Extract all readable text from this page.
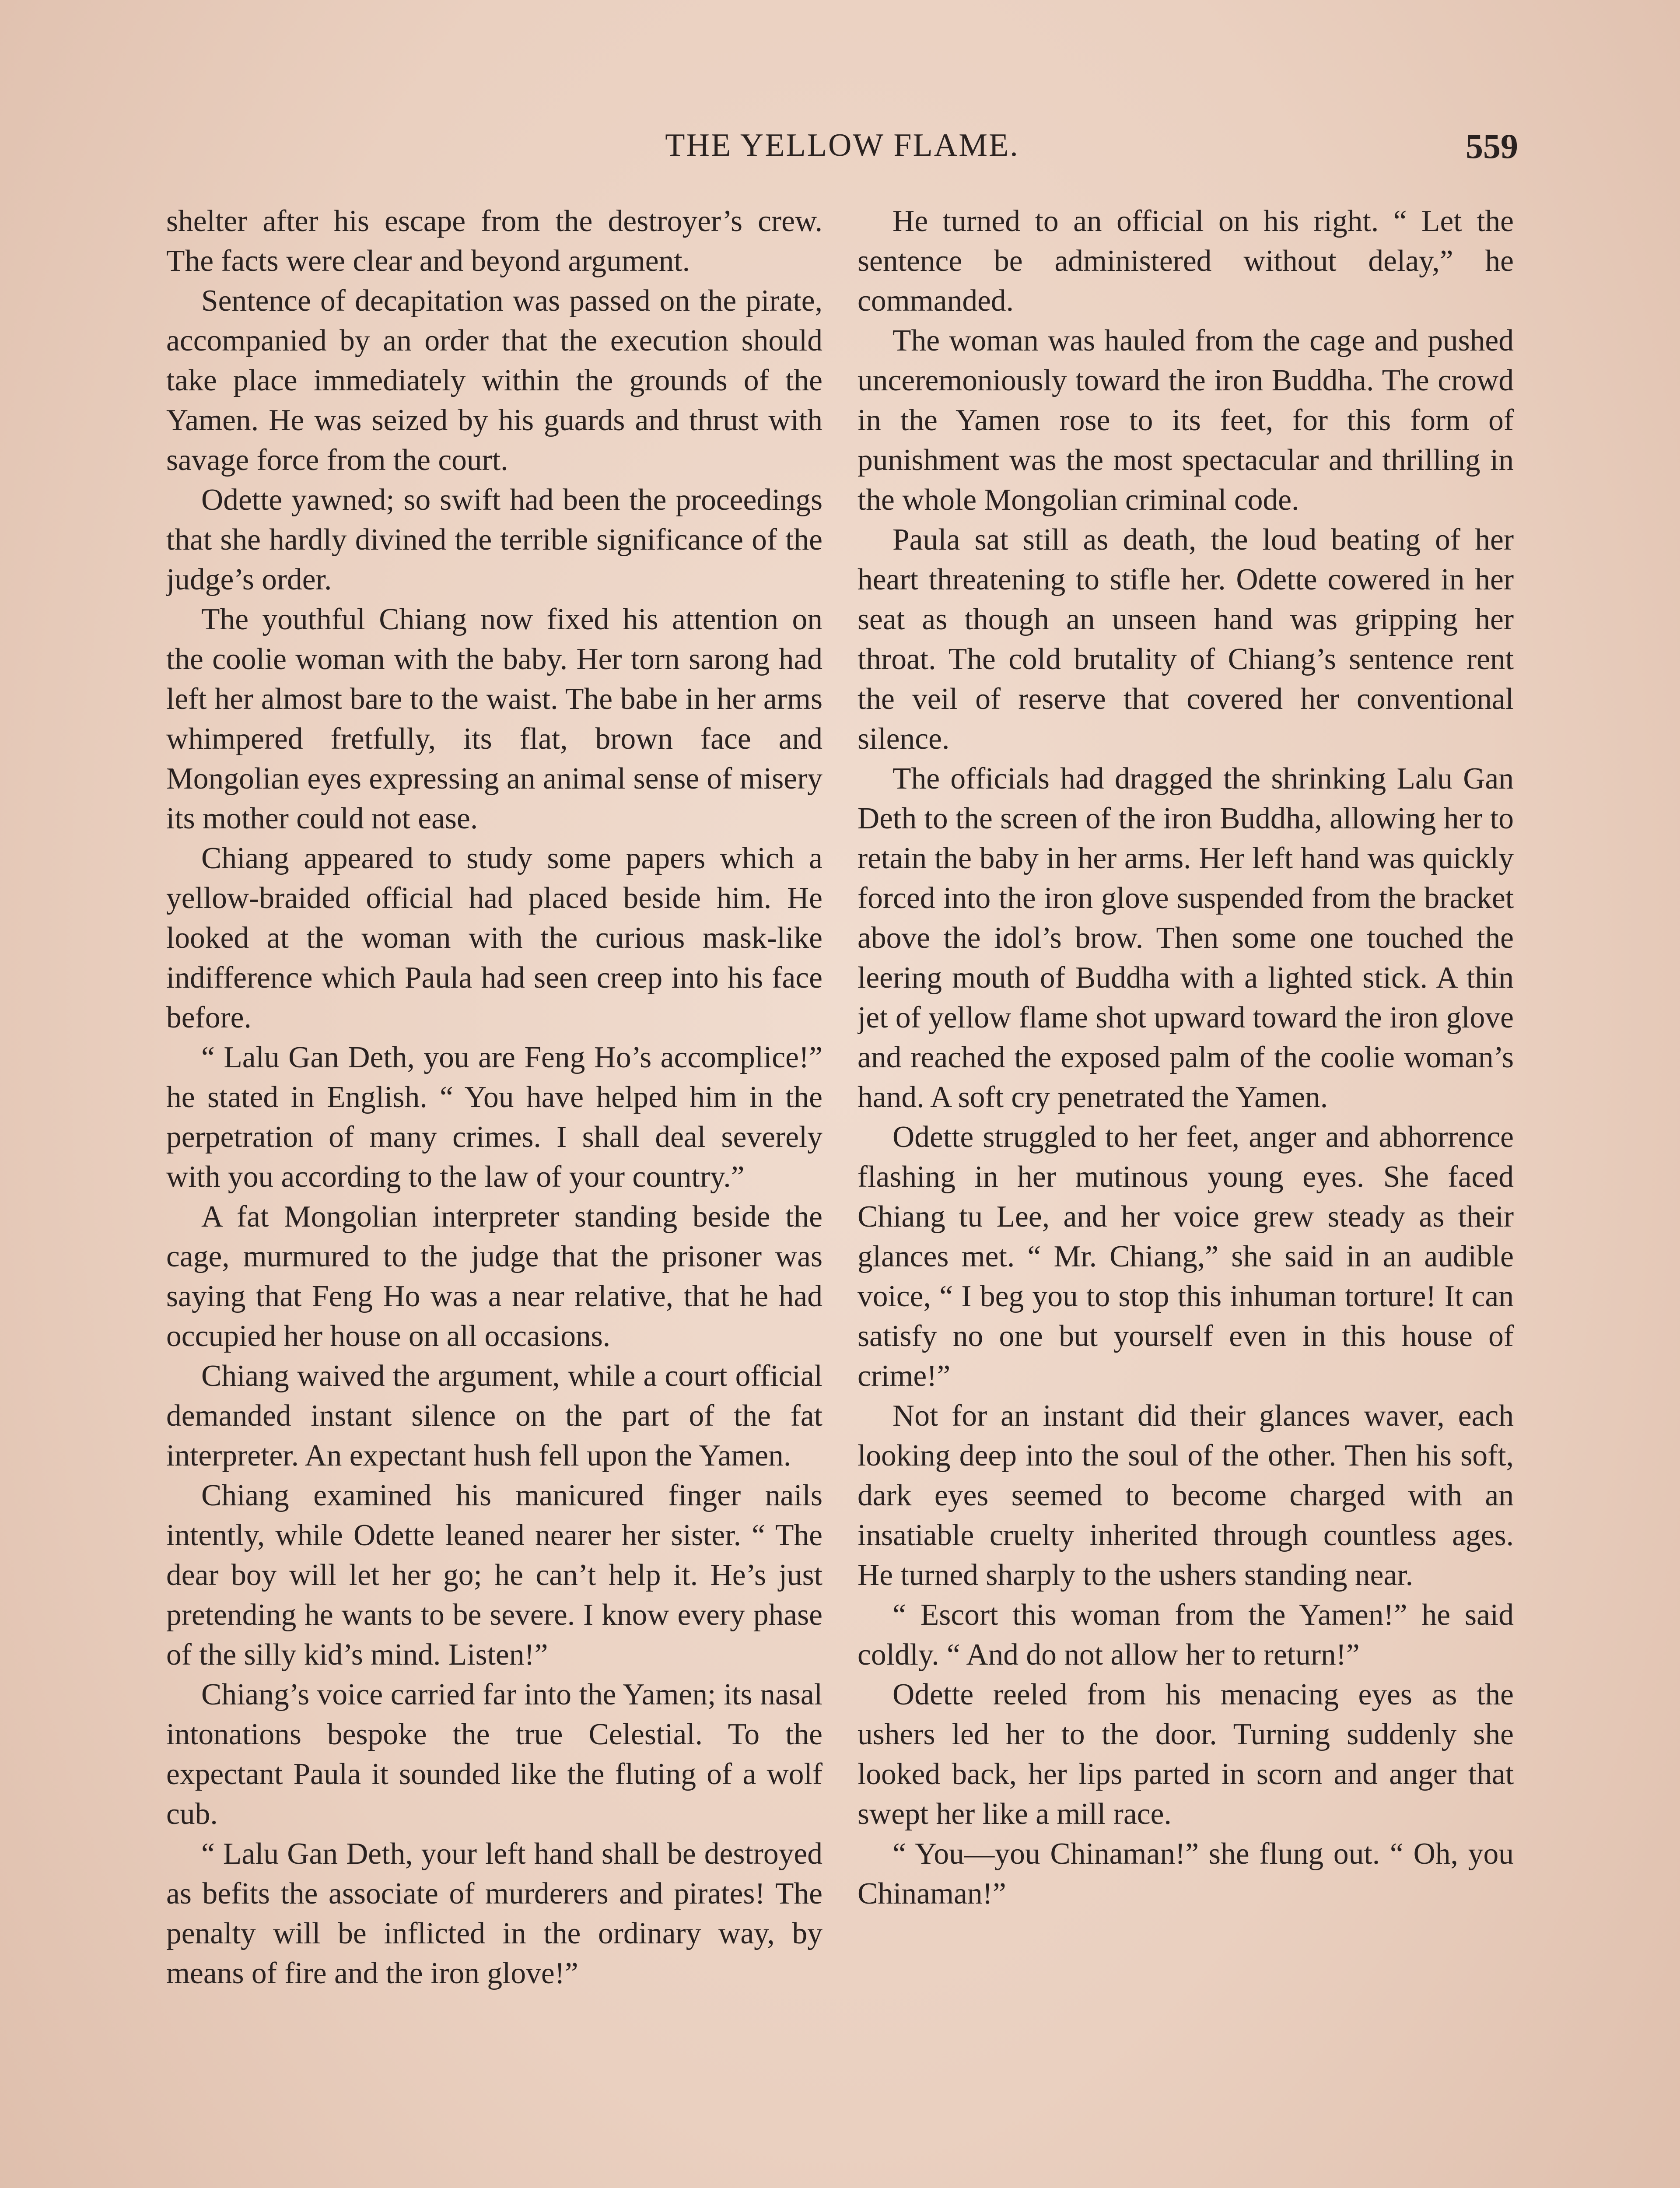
THE YELLOW FLAME.	559

shelter after his escape from the destroyer’s crew. The facts were clear and beyond argument.

Sentence of decapitation was passed on the pirate, accompanied by an order that the execution should take place immediately within the grounds of the Yamen. He was seized by his guards and thrust with savage force from the court.

Odette yawned; so swift had been the proceedings that she hardly divined the terrible significance of the judge’s order.

The youthful Chiang now fixed his attention on the coolie woman with the baby. Her torn sarong had left her almost bare to the waist. The babe in her arms whimpered fretfully, its flat, brown face and Mongolian eyes expressing an animal sense of misery its mother could not ease.

Chiang appeared to study some papers which a yellow-braided official had placed beside him. He looked at the woman with the curious mask-like indifference which Paula had seen creep into his face before.

“ Lalu Gan Deth, you are Feng Ho’s accomplice!” he stated in English. “ You have helped him in the perpetration of many crimes. I shall deal severely with you according to the law of your country.”

A fat Mongolian interpreter standing beside the cage, murmured to the judge that the prisoner was saying that Feng Ho was a near relative, that he had occupied her house on all occasions.

Chiang waived the argument, while a court official demanded instant silence on the part of the fat interpreter. An expectant hush fell upon the Yamen.

Chiang examined his manicured finger nails intently, while Odette leaned nearer her sister. “ The dear boy will let her go; he can’t help it. He’s just pretending he wants to be severe. I know every phase of the silly kid’s mind. Listen!”

Chiang’s voice carried far into the Yamen; its nasal intonations bespoke the true Celestial. To the expectant Paula it sounded like the fluting of a wolf cub.

“ Lalu Gan Deth, your left hand shall be destroyed as befits the associate of murderers and pirates! The penalty will be inflicted in the ordinary way, by means of fire and the iron glove!”

He turned to an official on his right. “ Let the sentence be administered without delay,” he commanded.

The woman was hauled from the cage and pushed unceremoniously toward the iron Buddha. The crowd in the Yamen rose to its feet, for this form of punishment was the most spectacular and thrilling in the whole Mongolian criminal code.

Paula sat still as death, the loud beating of her heart threatening to stifle her. Odette cowered in her seat as though an unseen hand was gripping her throat. The cold brutality of Chiang’s sentence rent the veil of reserve that covered her conventional silence.

The officials had dragged the shrinking Lalu Gan Deth to the screen of the iron Buddha, allowing her to retain the baby in her arms. Her left hand was quickly forced into the iron glove suspended from the bracket above the idol’s brow. Then some one touched the leering mouth of Buddha with a lighted stick. A thin jet of yellow flame shot upward toward the iron glove and reached the exposed palm of the coolie woman’s hand. A soft cry penetrated the Yamen.

Odette struggled to her feet, anger and abhorrence flashing in her mutinous young eyes. She faced Chiang tu Lee, and her voice grew steady as their glances met. “ Mr. Chiang,” she said in an audible voice, “ I beg you to stop this inhuman torture! It can satisfy no one but yourself even in this house of crime!”

Not for an instant did their glances waver, each looking deep into the soul of the other. Then his soft, dark eyes seemed to become charged with an insatiable cruelty inherited through countless ages. He turned sharply to the ushers standing near.

“ Escort this woman from the Yamen!” he said coldly. “ And do not allow her to return!”

Odette reeled from his menacing eyes as the ushers led her to the door. Turning suddenly she looked back, her lips parted in scorn and anger that swept her like a mill race.

“ You—you Chinaman!” she flung out. “ Oh, you Chinaman!”
